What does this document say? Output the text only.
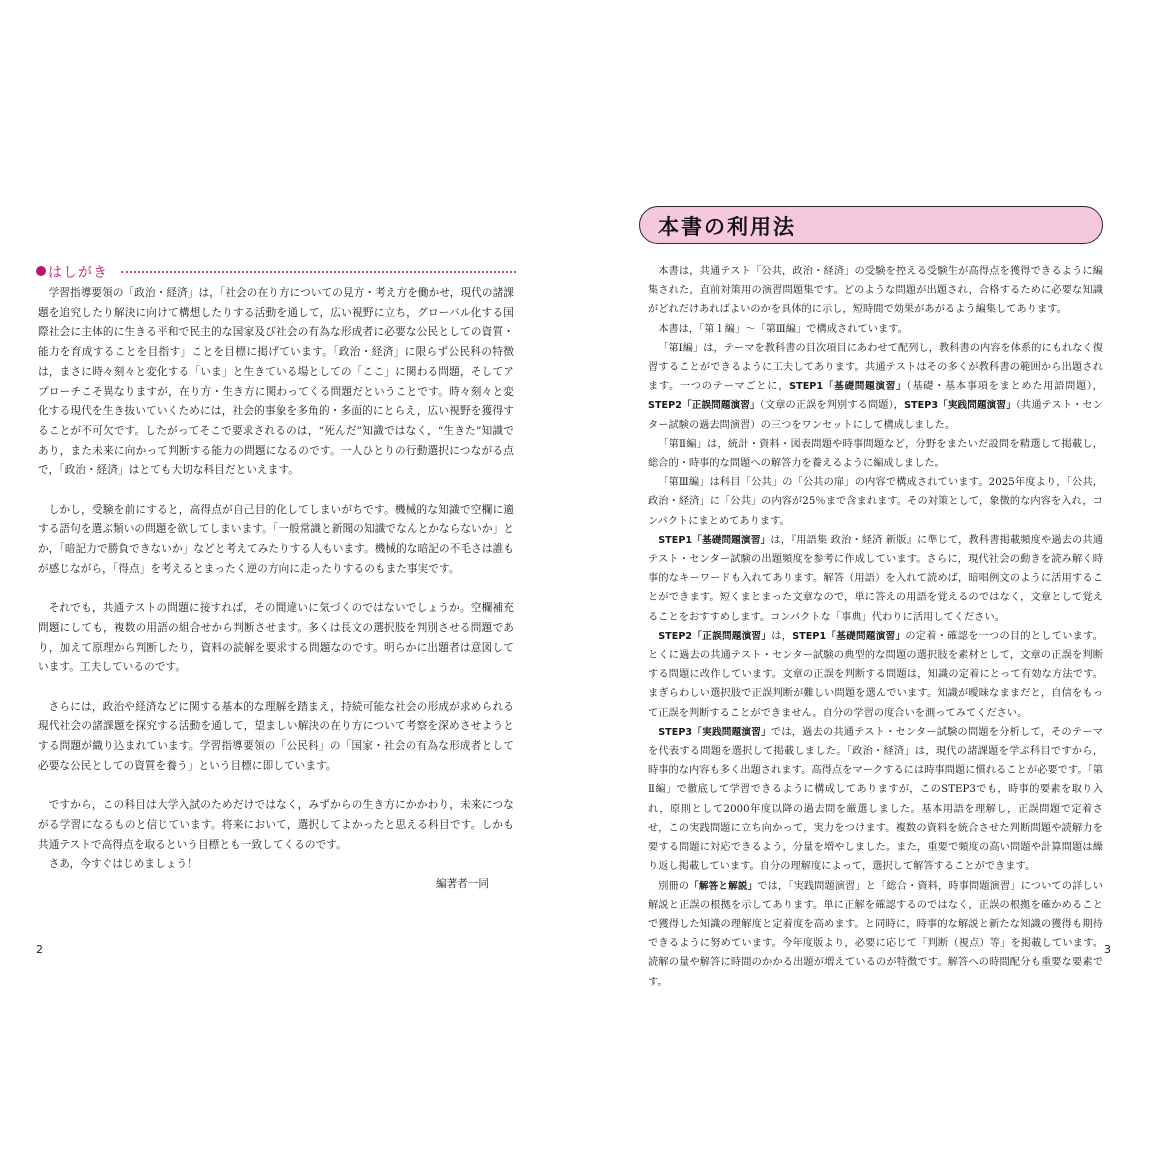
はしがき

学習指導要領の「政治・経済」は，「社会の在り方についての見方・考え方を働かせ，現代の諸課題を追究したり解決に向けて構想したりする活動を通して，広い視野に立ち，グローバル化する国際社会に主体的に生きる平和で民主的な国家及び社会の有為な形成者に必要な公民としての資質・能力を育成することを目指す」ことを目標に掲げています。「政治・経済」に限らず公民科の特徴は，まさに時々刻々と変化する「いま」と生きている場としての「ここ」に関わる問題，そしてアプローチこそ異なりますが，在り方・生き方に関わってくる問題だということです。時々刻々と変化する現代を生き抜いていくためには，社会的事象を多角的・多面的にとらえ，広い視野を獲得することが不可欠です。したがってそこで要求されるのは，“死んだ”知識ではなく，“生きた”知識であり，また未来に向かって判断する能力の問題になるのです。一人ひとりの行動選択につながる点で，「政治・経済」はとても大切な科目だといえます。

しかし，受験を前にすると，高得点が自己目的化してしまいがちです。機械的な知識で空欄に適する語句を選ぶ類いの問題を欲してしまいます。「一般常識と新聞の知識でなんとかならないか」とか，「暗記力で勝負できないか」などと考えてみたりする人もいます。機械的な暗記の不毛さは誰もが感じながら，「得点」を考えるとまったく逆の方向に走ったりするのもまた事実です。

それでも，共通テストの問題に接すれば，その間違いに気づくのではないでしょうか。空欄補充問題にしても，複数の用語の組合せから判断させます。多くは長文の選択肢を判別させる問題であり，加えて原理から判断したり，資料の読解を要求する問題なのです。明らかに出題者は意図しています。工夫しているのです。

さらには，政治や経済などに関する基本的な理解を踏まえ，持続可能な社会の形成が求められる現代社会の諸課題を探究する活動を通して，望ましい解決の在り方について考察を深めさせようとする問題が織り込まれています。学習指導要領の「公民科」の「国家・社会の有為な形成者として必要な公民としての資質を養う」という目標に即しています。

ですから，この科目は大学入試のためだけではなく，みずからの生き方にかかわり，未来につながる学習になるものと信じています。将来において，選択してよかったと思える科目です。しかも共通テストで高得点を取るという目標とも一致してくるのです。

さあ，今すぐはじめましょう！

編著者一同
2
本書の利用法

本書は，共通テスト「公共，政治・経済」の受験を控える受験生が高得点を獲得できるように編集された，直前対策用の演習問題集です。どのような問題が出題され，合格するために必要な知識がどれだけあればよいのかを具体的に示し，短時間で効果があがるよう編集してあります。

本書は，「第１編」〜「第Ⅲ編」で構成されています。

「第Ⅰ編」は，テーマを教科書の目次項目にあわせて配列し，教科書の内容を体系的にもれなく復習することができるように工夫してあります。共通テストはその多くが教科書の範囲から出題されます。一つのテーマごとに，STEP1「基礎問題演習」（基礎・基本事項をまとめた用語問題），STEP2「正誤問題演習」（文章の正誤を判別する問題），STEP3「実践問題演習」（共通テスト・センター試験の過去問演習）の三つをワンセットにして構成しました。

「第Ⅱ編」は，統計・資料・図表問題や時事問題など，分野をまたいだ設問を精選して掲載し，総合的・時事的な問題への解答力を養えるように編成しました。

「第Ⅲ編」は科目「公共」の「公共の扉」の内容で構成されています。2025年度より，「公共，政治・経済」に「公共」の内容が25％まで含まれます。その対策として，象徴的な内容を入れ，コンパクトにまとめてあります。

STEP1「基礎問題演習」は，『用語集 政治・経済 新版』に準じて，教科書掲載頻度や過去の共通テスト・センター試験の出題頻度を参考に作成しています。さらに，現代社会の動きを読み解く時事的なキーワードも入れてあります。解答（用語）を入れて読めば，暗唱例文のように活用することができます。短くまとまった文章なので，単に答えの用語を覚えるのではなく，文章として覚えることをおすすめします。コンパクトな「事典」代わりに活用してください。

STEP2「正誤問題演習」は，STEP1「基礎問題演習」の定着・確認を一つの目的としています。とくに過去の共通テスト・センター試験の典型的な問題の選択肢を素材として，文章の正誤を判断する問題に改作しています。文章の正誤を判断する問題は，知識の定着にとって有効な方法です。まぎらわしい選択肢で正誤判断が難しい問題を選んでいます。知識が曖昧なままだと，自信をもって正誤を判断することができません。自分の学習の度合いを測ってみてください。

STEP3「実践問題演習」では，過去の共通テスト・センター試験の問題を分析して，そのテーマを代表する問題を選択して掲載しました。「政治・経済」は，現代の諸課題を学ぶ科目ですから，時事的な内容も多く出題されます。高得点をマークするには時事問題に慣れることが必要です。「第Ⅱ編」で徹底して学習できるように構成してありますが，このSTEP3でも，時事的要素を取り入れ，原則として2000年度以降の過去問を厳選しました。基本用語を理解し，正誤問題で定着させ，この実践問題に立ち向かって，実力をつけます。複数の資料を統合させた判断問題や読解力を要する問題に対応できるよう，分量を増やしました。また，重要で頻度の高い問題や計算問題は繰り返し掲載しています。自分の理解度によって，選択して解答することができます。

別冊の「解答と解説」では，「実践問題演習」と「総合・資料，時事問題演習」についての詳しい解説と正誤の根拠を示してあります。単に正解を確認するのではなく，正誤の根拠を確かめることで獲得した知識の理解度と定着度を高めます。と同時に，時事的な解説と新たな知識の獲得も期待できるように努めています。今年度版より，必要に応じて「判断（視点）等」を掲載しています。読解の量や解答に時間のかかる出題が増えているのが特徴です。解答への時間配分も重要な要素です。

3
